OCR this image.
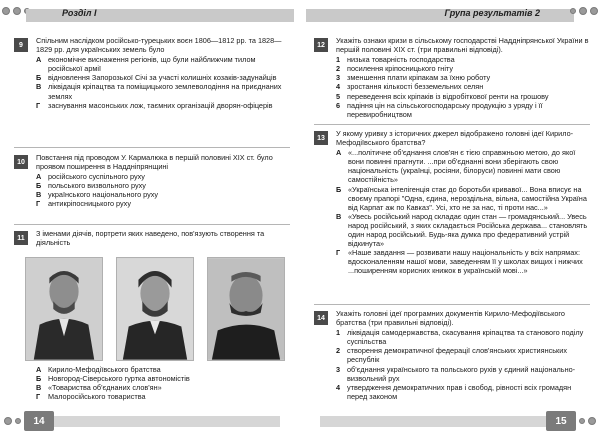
Розділ І
9	Спільним наслідком російсько-турецьких воєн 1806—1812 рр. та 1828—1829 рр. для українських земель було
А економічне виснаження регіонів, що були найближчим тилом російської армії
Б відновлення Запорозької Січі за участі колишніх козаків-задунайців
В ліквідація кріпацтва та поміщицького землеволодіння на приєднаних землях
Г	заснування масонських лож, таємних організацій дворян-офіцерів
10	Повстання під проводом У. Кармалюка в першій половині ХІХ ст. було проявом поширення в Наддніпрянщині
А російського суспільного руху
Б польського визвольного руху
В українського національного руху
Г	антикріпосницького руху
11	З іменами діячів, портрети яких наведено, пов'язують створення та діяльність
А Кирило-Мефодіївського братства
Б Новгород-Сіверського гуртка автономістів
В «Товариства об'єднаних слов'ян»
Г	Малоросійського товариства
14
Група результатів 2
12	Укажіть ознаки кризи в сільському господарстві Наддніпрянської України в першій половині ХІХ ст. (три правильні відповіді).
1 низька товарність господарства
2 посилення кріпосницького гніту
3 зменшення плати кріпакам за їхню роботу
4 зростання кількості безземельних селян
5 переведення всіх кріпаків із відробіткової ренти на грошову
6 падіння цін на сільськогосподарську продукцію з уряду і її перевиробництвом
13	У якому уривку з історичних джерел відображено головні ідеї Кирило-Мефодіївського братства?
А «...політичне об'єднання слов'ян є тією справжньою метою, до якої вони повинні прагнути. ...при об'єднанні вони зберігають свою національність (українці, росіяни, білоруси) повинні мати свою самостійність»
Б «Українська інтелігенція стає до боротьби кривавої... Вона вписує на своєму прапорі "Одна, єдина, нероздільна, вільна, самостійна Україна від Карпат аж по Кавказ". Усі, хто не за нас, ті проти нас...»
В «Увесь російський народ складає один стан — громадянський... Увесь народ російський, з яких складається Російська держава... становлять один народ російський. Будь-яка думка про федеративний устрій відкинута»
Г	«Наше завдання — розвивати нашу національність у всіх напрямах: вдосконаленням нашої мови, заведенням її у школах вищих і нижчих ...поширенням корисних книжок в українській мові...»
14	Укажіть головні ідеї програмних документів Кирило-Мефодіївського братства (три правильні відповіді).
1 ліквідація самодержавства, скасування кріпацтва та станового поділу суспільства
2 створення демократичної федерації слов'янських християнських республік
3 об'єднання українського та польського рухів у єдиний національно-визвольний рух
4 утвердження демократичних прав і свобод, рівності всіх громадян перед законом
15
